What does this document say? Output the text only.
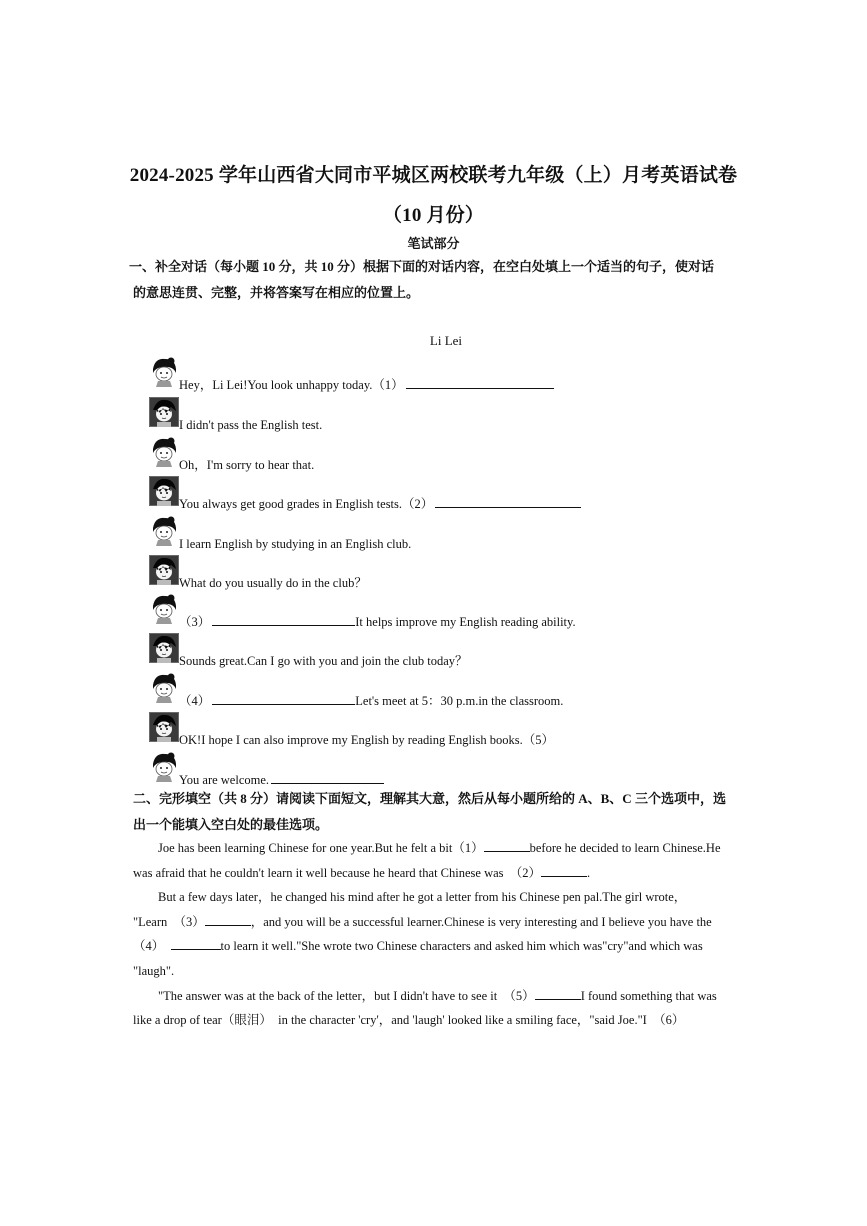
2024-2025 学年山西省大同市平城区两校联考九年级（上）月考英语试卷
（10 月份）
笔试部分
一、补全对话（每小题 10 分，共 10 分）根据下面的对话内容，在空白处填上一个适当的句子，使对话
的意思连贯、完整，并将答案写在相应的位置上。
Li Lei
Hey，Li Lei!You look unhappy today.（1）
I didn't pass the English test.
Oh，I'm sorry to hear that.
You always get good grades in English tests.（2）
I learn English by studying in an English club.
What do you usually do in the club？
（3）	It helps improve my English reading ability.
Sounds great.Can I go with you and join the club today？
（4）	Let's meet at 5：30 p.m.in the classroom.
OK!I hope I can also improve my English by reading English books.（5）
You are welcome.
二、完形填空（共 8 分）请阅读下面短文，理解其大意，然后从每小题所给的 A、B、C 三个选项中，选
出一个能填入空白处的最佳选项。

Joe has been learning Chinese for one year.But he felt a bit（1）	before he decided to learn Chinese.He

was afraid that he couldn't learn it well because he heard that Chinese was　（2）	.

But a few days later，he changed his mind after he got a letter from his Chinese pen pal.The girl wrote，

"Learn　（3）	，and you will be a successful learner.Chinese is very interesting and I believe you have the

（4）　	to learn it well."She wrote two Chinese characters and asked him which was"cry"and which was

"laugh".

"The answer was at the back of the letter，but I didn't have to see it　（5）	I found something that was

like a drop of tear（眼泪）　in the character 'cry'，and 'laugh' looked like a smiling face，"said Joe."I　（6）
